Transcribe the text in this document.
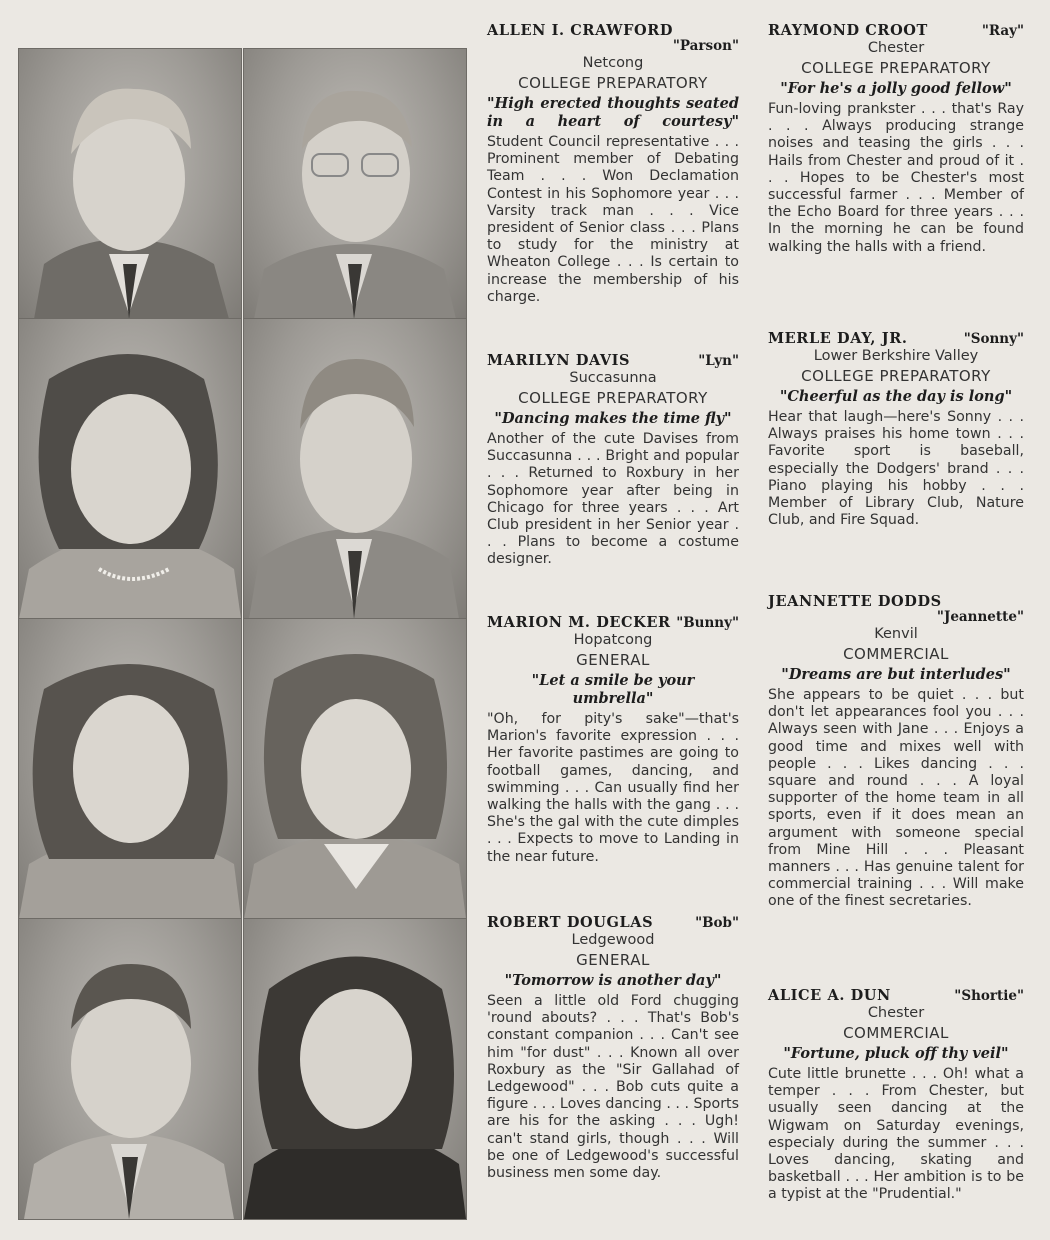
ALLEN I. CRAWFORD
"Parson"
Netcong
COLLEGE PREPARATORY
"High erected thoughts seated in a heart of courtesy"
Student Council representative . . . Prominent member of Debating Team . . . Won Declamation Contest in his Sophomore year . . . Varsity track man . . . Vice president of Senior class . . . Plans to study for the ministry at Wheaton College . . . Is certain to increase the membership of his charge.
MARILYN DAVIS	"Lyn"
Succasunna
COLLEGE PREPARATORY
"Dancing makes the time fly"
Another of the cute Davises from Succasunna . . . Bright and popular . . . Returned to Roxbury in her Sophomore year after being in Chicago for three years . . . Art Club president in her Senior year . . . Plans to become a costume designer.
MARION M. DECKER "Bunny"
Hopatcong
GENERAL
"Let a smile be your umbrella"
"Oh, for pity's sake"—that's Marion's favorite expression . . . Her favorite pastimes are going to football games, dancing, and swimming . . . Can usually find her walking the halls with the gang . . . She's the gal with the cute dimples . . . Expects to move to Landing in the near future.
ROBERT DOUGLAS	"Bob"
Ledgewood
GENERAL
"Tomorrow is another day"
Seen a little old Ford chugging 'round abouts? . . . That's Bob's constant companion . . . Can't see him "for dust" . . . Known all over Roxbury as the "Sir Gallahad of Ledgewood" . . . Bob cuts quite a figure . . . Loves dancing . . . Sports are his for the asking . . . Ugh! can't stand girls, though . . . Will be one of Ledgewood's successful business men some day.
RAYMOND CROOT	"Ray"
Chester
COLLEGE PREPARATORY
"For he's a jolly good fellow"
Fun-loving prankster . . . that's Ray . . . Always producing strange noises and teasing the girls . . . Hails from Chester and proud of it . . . Hopes to be Chester's most successful farmer . . . Member of the Echo Board for three years . . . In the morning he can be found walking the halls with a friend.
MERLE DAY, JR.	"Sonny"
Lower Berkshire Valley
COLLEGE PREPARATORY
"Cheerful as the day is long"
Hear that laugh—here's Sonny . . . Always praises his home town . . . Favorite sport is baseball, especially the Dodgers' brand . . . Piano playing his hobby . . . Member of Library Club, Nature Club, and Fire Squad.
JEANNETTE DODDS
"Jeannette"
Kenvil
COMMERCIAL
"Dreams are but interludes"
She appears to be quiet . . . but don't let appearances fool you . . . Always seen with Jane . . . Enjoys a good time and mixes well with people . . . Likes dancing . . . square and round . . . A loyal supporter of the home team in all sports, even if it does mean an argument with someone special from Mine Hill . . . Pleasant manners . . . Has genuine talent for commercial training . . . Will make one of the finest secretaries.
ALICE A. DUN	"Shortie"
Chester
COMMERCIAL
"Fortune, pluck off thy veil"
Cute little brunette . . . Oh! what a temper . . . From Chester, but usually seen dancing at the Wigwam on Saturday evenings, especialy during the summer . . . Loves dancing, skating and basketball . . . Her ambition is to be a typist at the "Prudential."
